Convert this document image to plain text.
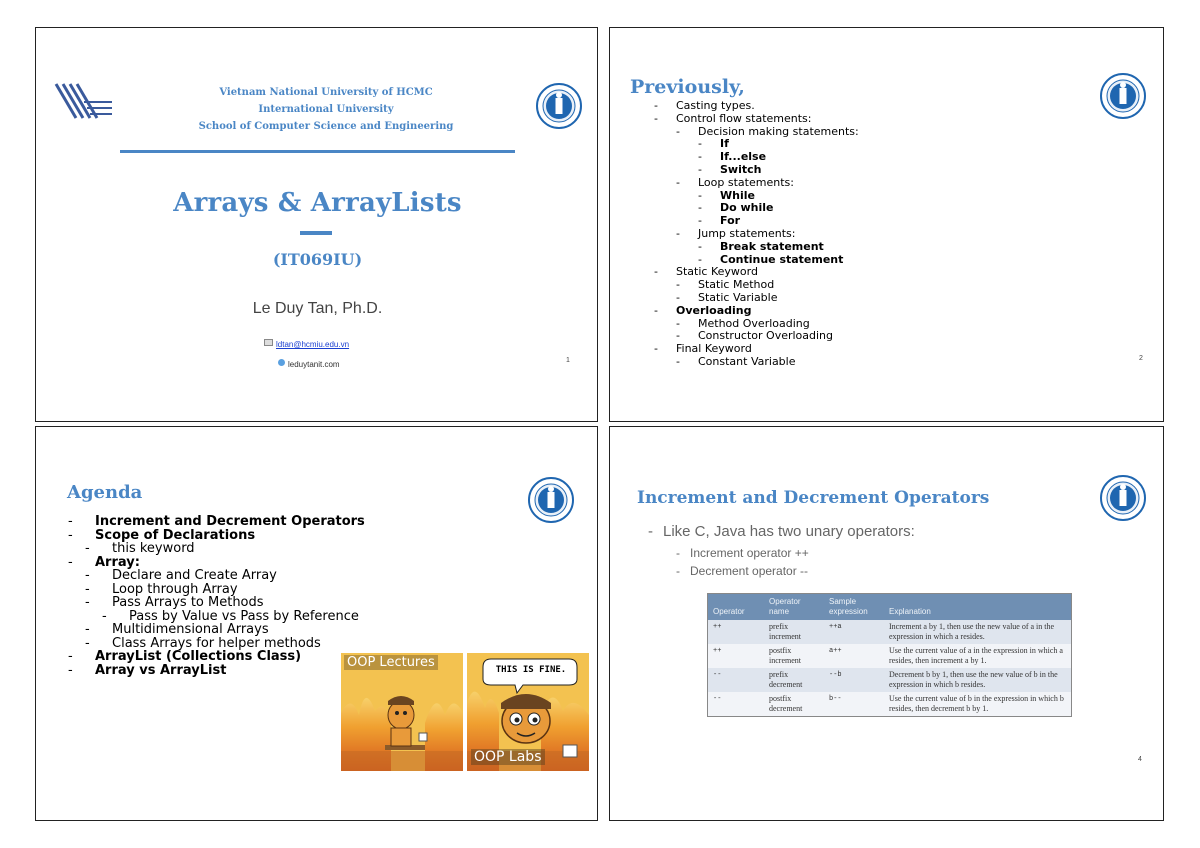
Vietnam National University of HCMC
International University
School of Computer Science and Engineering
Arrays & ArrayLists
(IT069IU)
Le Duy Tan, Ph.D.
ldtan@hcmiu.edu.vn
leduytanit.com	1
Previously,
- Casting types.
- Control flow statements:
- Decision making statements:
- If
- If...else
- Switch
- Loop statements:
- While
- Do while
- For
- Jump statements:
- Break statement
- Continue statement
- Static Keyword
- Static Method
- Static Variable
- Overloading
- Method Overloading
- Constructor Overloading
- Final Keyword
- Constant Variable	2
Agenda
- Increment and Decrement Operators
- Scope of Declarations
- this keyword
- Array:
- Declare and Create Array
- Loop through Array
- Pass Arrays to Methods
- Pass by Value vs Pass by Reference
- Multidimensional Arrays
- Class Arrays for helper methods
- ArrayList (Collections Class)
- Array vs ArrayList	OOP Lectures	THIS IS FINE.
OOP Labs
Increment and Decrement Operators
- Like C, Java has two unary operators:
- Increment operator ++
- Decrement operator --
Operator	Operator name	Sample expression	Explanation
++	prefix increment	++a	Increment a by 1, then use the new value of a in the expression in which a resides.
++	postfix increment	a++	Use the current value of a in the expression in which a resides, then increment a by 1.
--	prefix decrement	--b	Decrement b by 1, then use the new value of b in the expression in which b resides.
--	postfix decrement	b--	Use the current value of b in the expression in which b resides, then decrement b by 1.
4
